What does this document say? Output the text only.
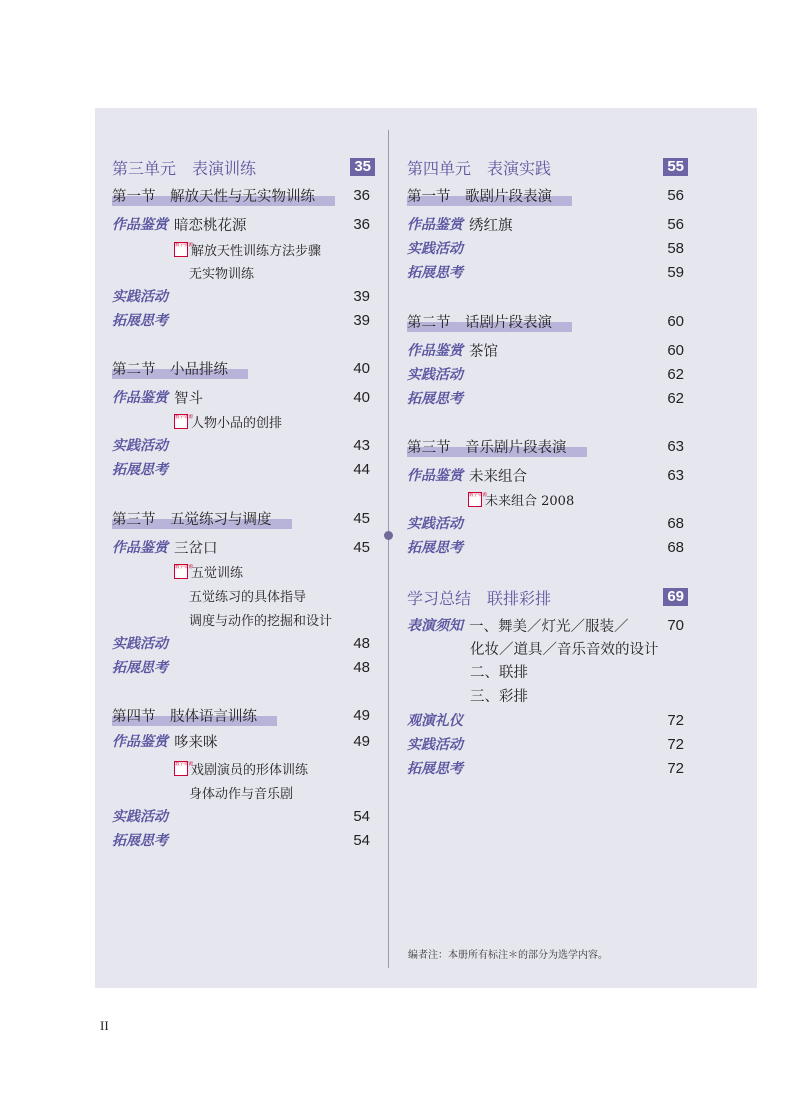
第三单元　表演训练	35
第一节　解放天性与无实物训练	36
作品鉴赏 暗恋桃花源	36
数字资源
解放天性训练方法步骤
无实物训练
实践活动	39
拓展思考	39
第二节　小品排练	40
作品鉴赏 智斗	40
数字资源
人物小品的创排
实践活动	43
拓展思考	44
第三节　五觉练习与调度	45
作品鉴赏 三岔口	45
数字资源
五觉训练
五觉练习的具体指导
调度与动作的挖掘和设计
实践活动	48
拓展思考	48
第四节　肢体语言训练	49
作品鉴赏 哆来咪	49
数字资源
戏剧演员的形体训练
身体动作与音乐剧
实践活动	54
拓展思考	54
第四单元　表演实践	55
第一节　歌剧片段表演	56
作品鉴赏 绣红旗	56
实践活动	58
拓展思考	59
第二节　话剧片段表演	60
作品鉴赏 茶馆	60
实践活动	62
拓展思考	62
第三节　音乐剧片段表演	63
作品鉴赏 未来组合	63
数字资源
未来组合 2008
实践活动	68
拓展思考	68
学习总结　联排彩排	69
表演须知 一、舞美／灯光／服装／	70
化妆／道具／音乐音效的设计
二、联排
三、彩排
观演礼仪	72
实践活动	72
拓展思考	72
编者注：本册所有标注＊的部分为选学内容。
II
